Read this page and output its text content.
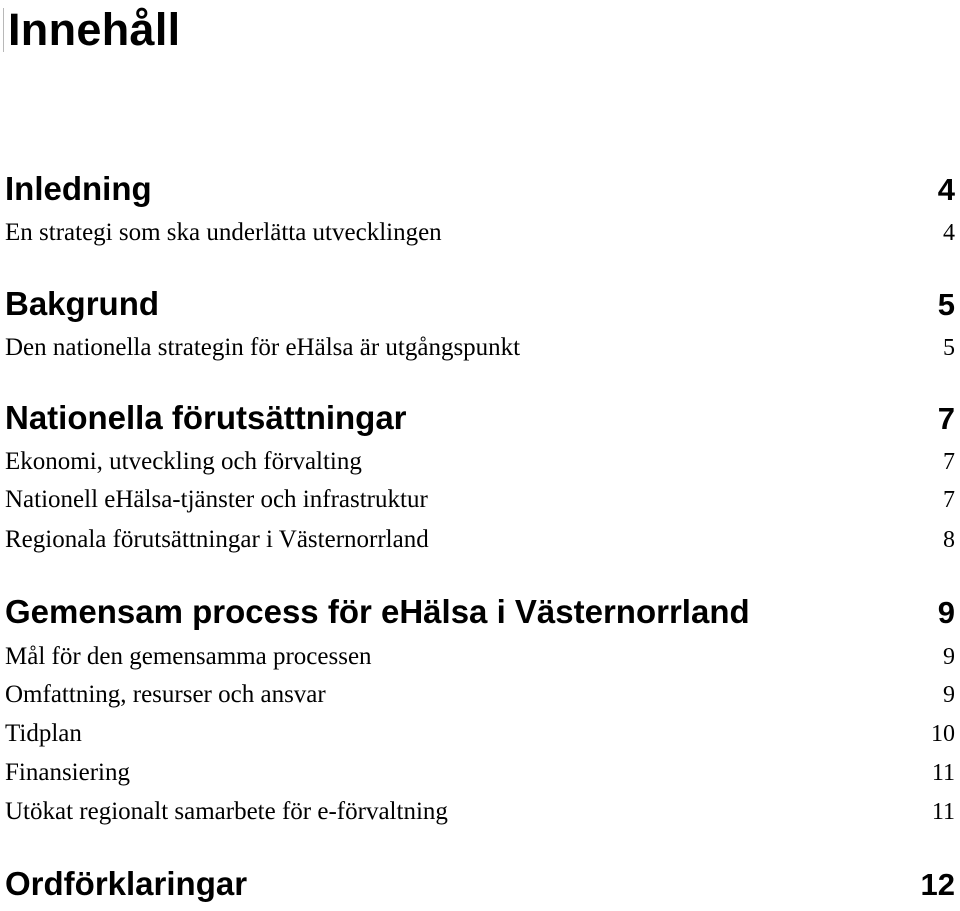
Innehåll
Inledning	4
En strategi som ska underlätta utvecklingen	4
Bakgrund	5
Den nationella strategin för eHälsa är utgångspunkt	5
Nationella förutsättningar	7
Ekonomi, utveckling och förvalting	7
Nationell eHälsa-tjänster och infrastruktur	7
Regionala förutsättningar i Västernorrland	8
Gemensam process för eHälsa i Västernorrland	9
Mål för den gemensamma processen	9
Omfattning, resurser och ansvar	9
Tidplan	10
Finansiering	11
Utökat regionalt samarbete för e-förvaltning	11
Ordförklaringar	12
